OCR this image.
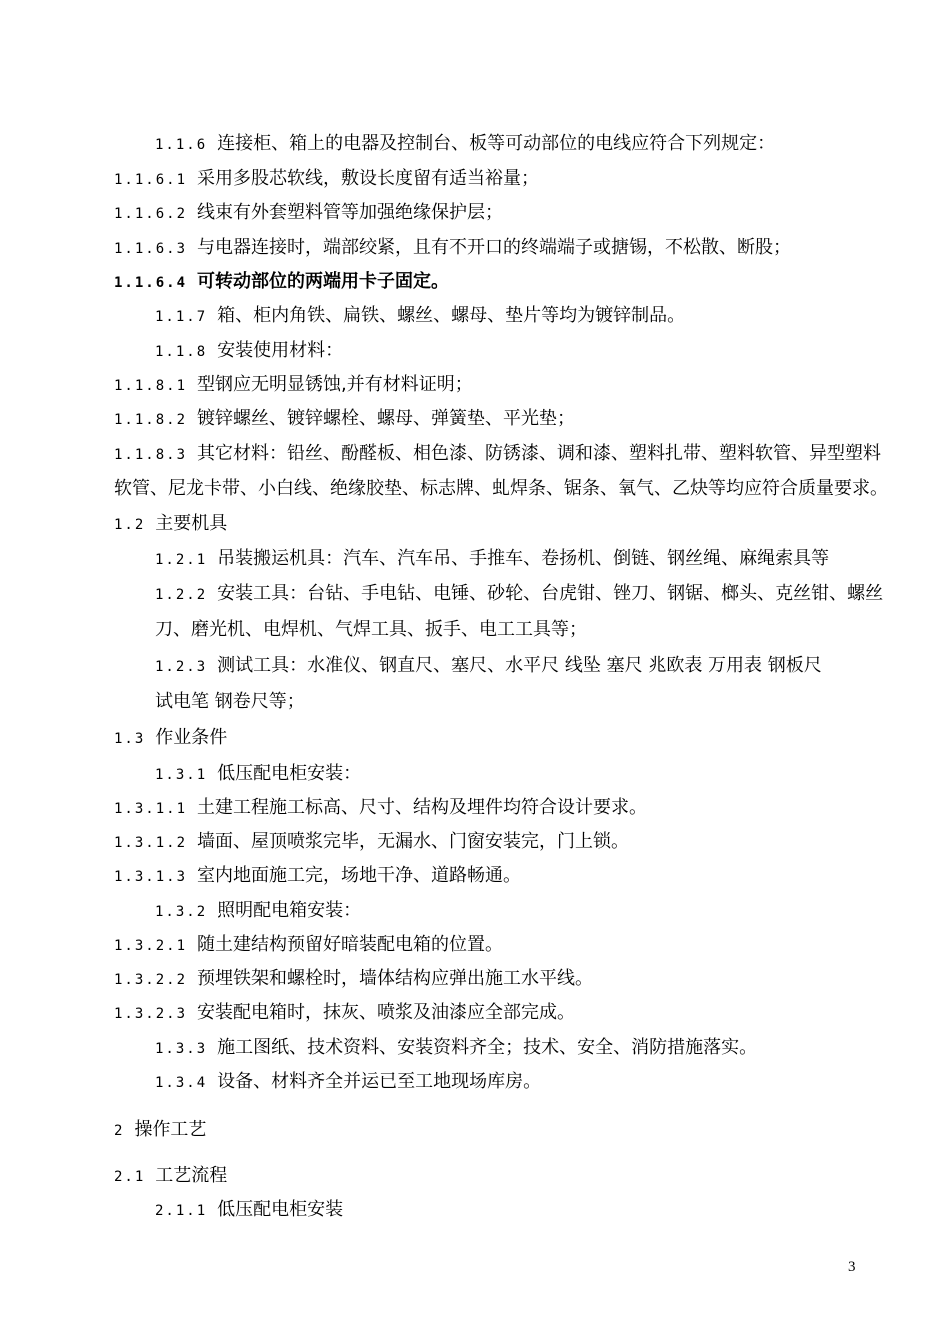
1.1.6 连接柜、箱上的电器及控制台、板等可动部位的电线应符合下列规定：
1.1.6.1 采用多股芯软线，敷设长度留有适当裕量；
1.1.6.2 线束有外套塑料管等加强绝缘保护层；
1.1.6.3 与电器连接时，端部绞紧，且有不开口的终端端子或搪锡，不松散、断股；
1.1.6.4 可转动部位的两端用卡子固定。
1.1.7 箱、柜内角铁、扁铁、螺丝、螺母、垫片等均为镀锌制品。
1.1.8 安装使用材料：
1.1.8.1 型钢应无明显锈蚀,并有材料证明；
1.1.8.2 镀锌螺丝、镀锌螺栓、螺母、弹簧垫、平光垫；
1.1.8.3 其它材料：铅丝、酚醛板、相色漆、防锈漆、调和漆、塑料扎带、塑料软管、异型塑料
软管、尼龙卡带、小白线、绝缘胶垫、标志牌、虬焊条、锯条、氧气、乙炔等均应符合质量要求。
1.2 主要机具
1.2.1 吊装搬运机具：汽车、汽车吊、手推车、卷扬机、倒链、钢丝绳、麻绳索具等
1.2.2 安装工具：台钻、手电钻、电锤、砂轮、台虎钳、锉刀、钢锯、榔头、克丝钳、螺丝
刀、磨光机、电焊机、气焊工具、扳手、电工工具等；
1.2.3 测试工具：水准仪、钢直尺、塞尺、水平尺 线坠 塞尺 兆欧表 万用表 钢板尺
试电笔 钢卷尺等；
1.3 作业条件
1.3.1 低压配电柜安装：
1.3.1.1 土建工程施工标高、尺寸、结构及埋件均符合设计要求。
1.3.1.2 墙面、屋顶喷浆完毕，无漏水、门窗安装完，门上锁。
1.3.1.3 室内地面施工完，场地干净、道路畅通。
1.3.2 照明配电箱安装：
1.3.2.1 随土建结构预留好暗装配电箱的位置。
1.3.2.2 预埋铁架和螺栓时，墙体结构应弹出施工水平线。
1.3.2.3 安装配电箱时，抹灰、喷浆及油漆应全部完成。
1.3.3 施工图纸、技术资料、安装资料齐全；技术、安全、消防措施落实。
1.3.4 设备、材料齐全并运已至工地现场库房。
2 操作工艺
2.1 工艺流程
2.1.1 低压配电柜安装
3
